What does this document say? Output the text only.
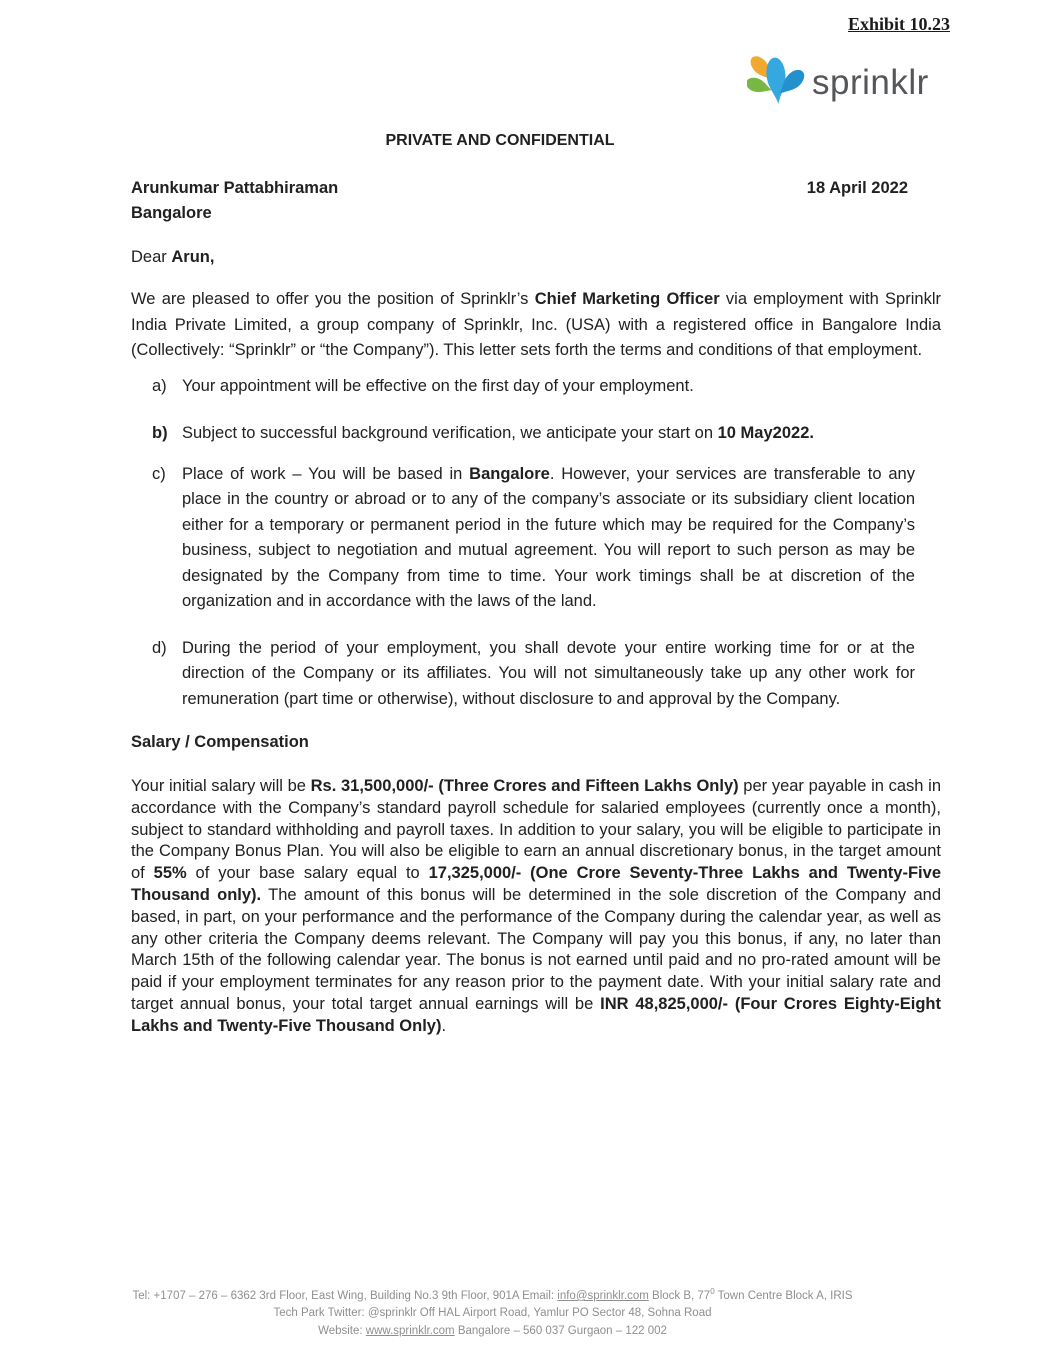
Exhibit 10.23
sprinklr
PRIVATE AND CONFIDENTIAL
Arunkumar Pattabhiraman	18 April 2022
Bangalore
Dear Arun,

We are pleased to offer you the position of Sprinklr’s Chief Marketing Officer via employment with Sprinklr India Private Limited, a group company of Sprinklr, Inc. (USA) with a registered office in Bangalore India (Collectively: “Sprinklr” or “the Company”). This letter sets forth the terms and conditions of that employment.

a) Your appointment will be effective on the first day of your employment.
b) Subject to successful background verification, we anticipate your start on 10 May2022.
c) Place of work – You will be based in Bangalore. However, your services are transferable to any place in the country or abroad or to any of the company’s associate or its subsidiary client location either for a temporary or permanent period in the future which may be required for the Company’s business, subject to negotiation and mutual agreement. You will report to such person as may be designated by the Company from time to time. Your work timings shall be at discretion of the organization and in accordance with the laws of the land.
d) During the period of your employment, you shall devote your entire working time for or at the direction of the Company or its affiliates. You will not simultaneously take up any other work for remuneration (part time or otherwise), without disclosure to and approval by the Company.
Salary / Compensation

Your initial salary will be Rs. 31,500,000/- (Three Crores and Fifteen Lakhs Only) per year payable in cash in accordance with the Company’s standard payroll schedule for salaried employees (currently once a month), subject to standard withholding and payroll taxes. In addition to your salary, you will be eligible to participate in the Company Bonus Plan. You will also be eligible to earn an annual discretionary bonus, in the target amount of 55% of your base salary equal to 17,325,000/- (One Crore Seventy-Three Lakhs and Twenty-Five Thousand only). The amount of this bonus will be determined in the sole discretion of the Company and based, in part, on your performance and the performance of the Company during the calendar year, as well as any other criteria the Company deems relevant. The Company will pay you this bonus, if any, no later than March 15th of the following calendar year. The bonus is not earned until paid and no pro-rated amount will be paid if your employment terminates for any reason prior to the payment date. With your initial salary rate and target annual bonus, your total target annual earnings will be INR 48,825,000/- (Four Crores Eighty-Eight Lakhs and Twenty-Five Thousand Only).

Tel: +1707 – 276 – 6362 3rd Floor, East Wing, Building No.3 9th Floor, 901A Email: info@sprinklr.com Block B, $77^0$ Town Centre Block A, IRIS
Tech Park Twitter: @sprinklr Off HAL Airport Road, Yamlur PO Sector 48, Sohna Road
Website: www.sprinklr.com Bangalore – 560 037 Gurgaon – 122 002
